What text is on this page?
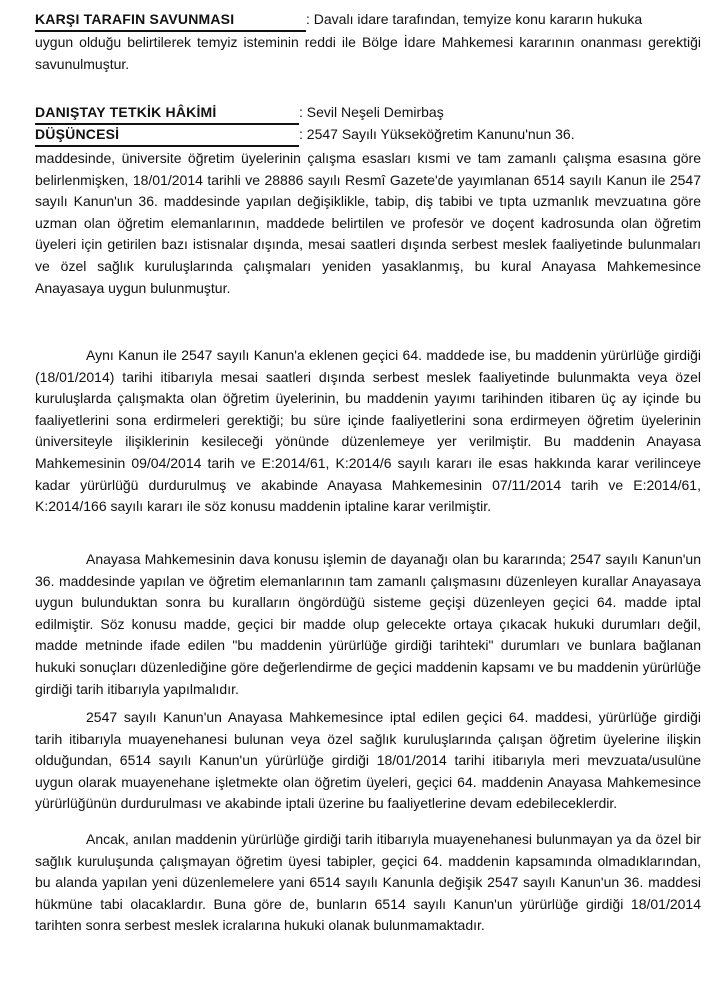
KARŞI TARAFIN SAVUNMASI	: Davalı idare tarafından, temyize konu kararın hukuka
uygun olduğu belirtilerek temyiz isteminin reddi ile Bölge İdare Mahkemesi kararının onanması gerektiği savunulmuştur.
DANIŞTAY TETKİK HÂKİMİ	: Sevil Neşeli Demirbaş
DÜŞÜNCESİ	: 2547 Sayılı Yükseköğretim Kanunu'nun 36.
maddesinde, üniversite öğretim üyelerinin çalışma esasları kısmi ve tam zamanlı çalışma esasına göre belirlenmişken, 18/01/2014 tarihli ve 28886 sayılı Resmî Gazete'de yayımlanan 6514 sayılı Kanun ile 2547 sayılı Kanun'un 36. maddesinde yapılan değişiklikle, tabip, diş tabibi ve tıpta uzmanlık mevzuatına göre uzman olan öğretim elemanlarının, maddede belirtilen ve profesör ve doçent kadrosunda olan öğretim üyeleri için getirilen bazı istisnalar dışında, mesai saatleri dışında serbest meslek faaliyetinde bulunmaları ve özel sağlık kuruluşlarında çalışmaları yeniden yasaklanmış, bu kural Anayasa Mahkemesince Anayasaya uygun bulunmuştur.
Aynı Kanun ile 2547 sayılı Kanun'a eklenen geçici 64. maddede ise, bu maddenin yürürlüğe girdiği (18/01/2014) tarihi itibarıyla mesai saatleri dışında serbest meslek faaliyetinde bulunmakta veya özel kuruluşlarda çalışmakta olan öğretim üyelerinin, bu maddenin yayımı tarihinden itibaren üç ay içinde bu faaliyetlerini sona erdirmeleri gerektiği; bu süre içinde faaliyetlerini sona erdirmeyen öğretim üyelerinin üniversiteyle ilişiklerinin kesileceği yönünde düzenlemeye yer verilmiştir. Bu maddenin Anayasa Mahkemesinin 09/04/2014 tarih ve E:2014/61, K:2014/6 sayılı kararı ile esas hakkında karar verilinceye kadar yürürlüğü durdurulmuş ve akabinde Anayasa Mahkemesinin 07/11/2014 tarih ve E:2014/61, K:2014/166 sayılı kararı ile söz konusu maddenin iptaline karar verilmiştir.
Anayasa Mahkemesinin dava konusu işlemin de dayanağı olan bu kararında; 2547 sayılı Kanun'un 36. maddesinde yapılan ve öğretim elemanlarının tam zamanlı çalışmasını düzenleyen kurallar Anayasaya uygun bulunduktan sonra bu kuralların öngördüğü sisteme geçişi düzenleyen geçici 64. madde iptal edilmiştir. Söz konusu madde, geçici bir madde olup gelecekte ortaya çıkacak hukuki durumları değil, madde metninde ifade edilen "bu maddenin yürürlüğe girdiği tarihteki" durumları ve bunlara bağlanan hukuki sonuçları düzenlediğine göre değerlendirme de geçici maddenin kapsamı ve bu maddenin yürürlüğe girdiği tarih itibarıyla yapılmalıdır.
2547 sayılı Kanun'un Anayasa Mahkemesince iptal edilen geçici 64. maddesi, yürürlüğe girdiği tarih itibarıyla muayenehanesi bulunan veya özel sağlık kuruluşlarında çalışan öğretim üyelerine ilişkin olduğundan, 6514 sayılı Kanun'un yürürlüğe girdiği 18/01/2014 tarihi itibarıyla meri mevzuata/usulüne uygun olarak muayenehane işletmekte olan öğretim üyeleri, geçici 64. maddenin Anayasa Mahkemesince yürürlüğünün durdurulması ve akabinde iptali üzerine bu faaliyetlerine devam edebileceklerdir.
Ancak, anılan maddenin yürürlüğe girdiği tarih itibarıyla muayenehanesi bulunmayan ya da özel bir sağlık kuruluşunda çalışmayan öğretim üyesi tabipler, geçici 64. maddenin kapsamında olmadıklarından, bu alanda yapılan yeni düzenlemelere yani 6514 sayılı Kanunla değişik 2547 sayılı Kanun'un 36. maddesi hükmüne tabi olacaklardır. Buna göre de, bunların 6514 sayılı Kanun'un yürürlüğe girdiği 18/01/2014 tarihten sonra serbest meslek icralarına hukuki olanak bulunmamaktadır.
